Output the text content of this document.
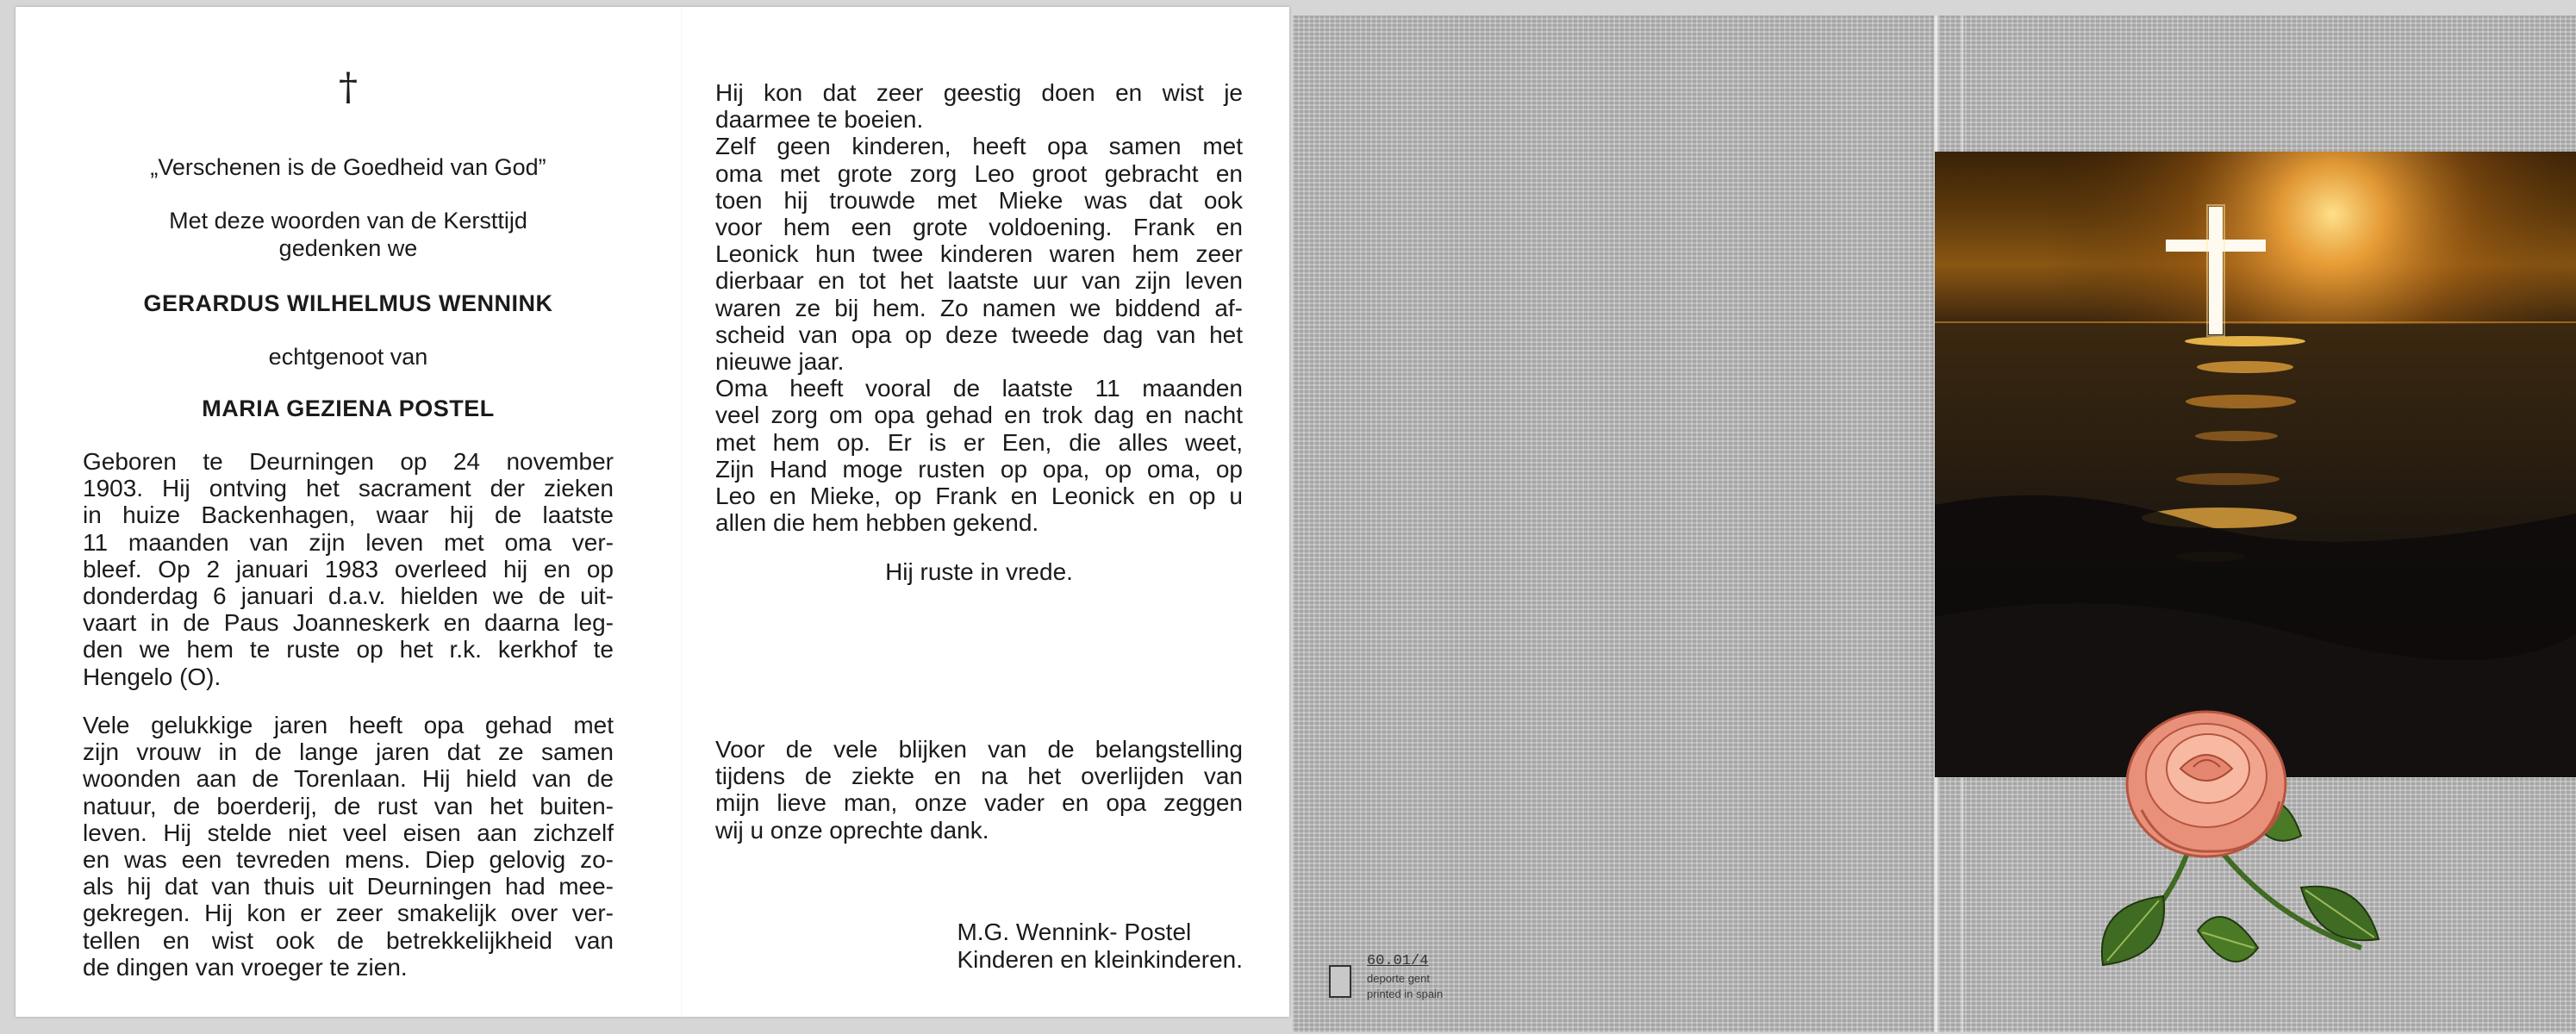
†
„Verschenen is de Goedheid van God”
Met deze woorden van de Kersttijd
gedenken we
GERARDUS WILHELMUS WENNINK
echtgenoot van
MARIA GEZIENA POSTEL
Geboren te Deurningen op 24 november
1903. Hij ontving het sacrament der zieken
in huize Backenhagen, waar hij de laatste
11 maanden van zijn leven met oma ver-
bleef. Op 2 januari 1983 overleed hij en op
donderdag 6 januari d.a.v. hielden we de uit-
vaart in de Paus Joanneskerk en daarna leg-
den we hem te ruste op het r.k. kerkhof te
Hengelo (O).
Vele gelukkige jaren heeft opa gehad met
zijn vrouw in de lange jaren dat ze samen
woonden aan de Torenlaan. Hij hield van de
natuur, de boerderij, de rust van het buiten-
leven. Hij stelde niet veel eisen aan zichzelf
en was een tevreden mens. Diep gelovig zo-
als hij dat van thuis uit Deurningen had mee-
gekregen. Hij kon er zeer smakelijk over ver-
tellen en wist ook de betrekkelijkheid van
de dingen van vroeger te zien.
Hij kon dat zeer geestig doen en wist je
daarmee te boeien.
Zelf geen kinderen, heeft opa samen met
oma met grote zorg Leo groot gebracht en
toen hij trouwde met Mieke was dat ook
voor hem een grote voldoening. Frank en
Leonick hun twee kinderen waren hem zeer
dierbaar en tot het laatste uur van zijn leven
waren ze bij hem. Zo namen we biddend af-
scheid van opa op deze tweede dag van het
nieuwe jaar.
Oma heeft vooral de laatste 11 maanden
veel zorg om opa gehad en trok dag en nacht
met hem op. Er is er Een, die alles weet,
Zijn Hand moge rusten op opa, op oma, op
Leo en Mieke, op Frank en Leonick en op u
allen die hem hebben gekend.
Hij ruste in vrede.
Voor de vele blijken van de belangstelling
tijdens de ziekte en na het overlijden van
mijn lieve man, onze vader en opa zeggen
wij u onze oprechte dank.
M.G. Wennink- Postel
Kinderen en kleinkinderen.	60.01/4
deporte gent
printed in spain
